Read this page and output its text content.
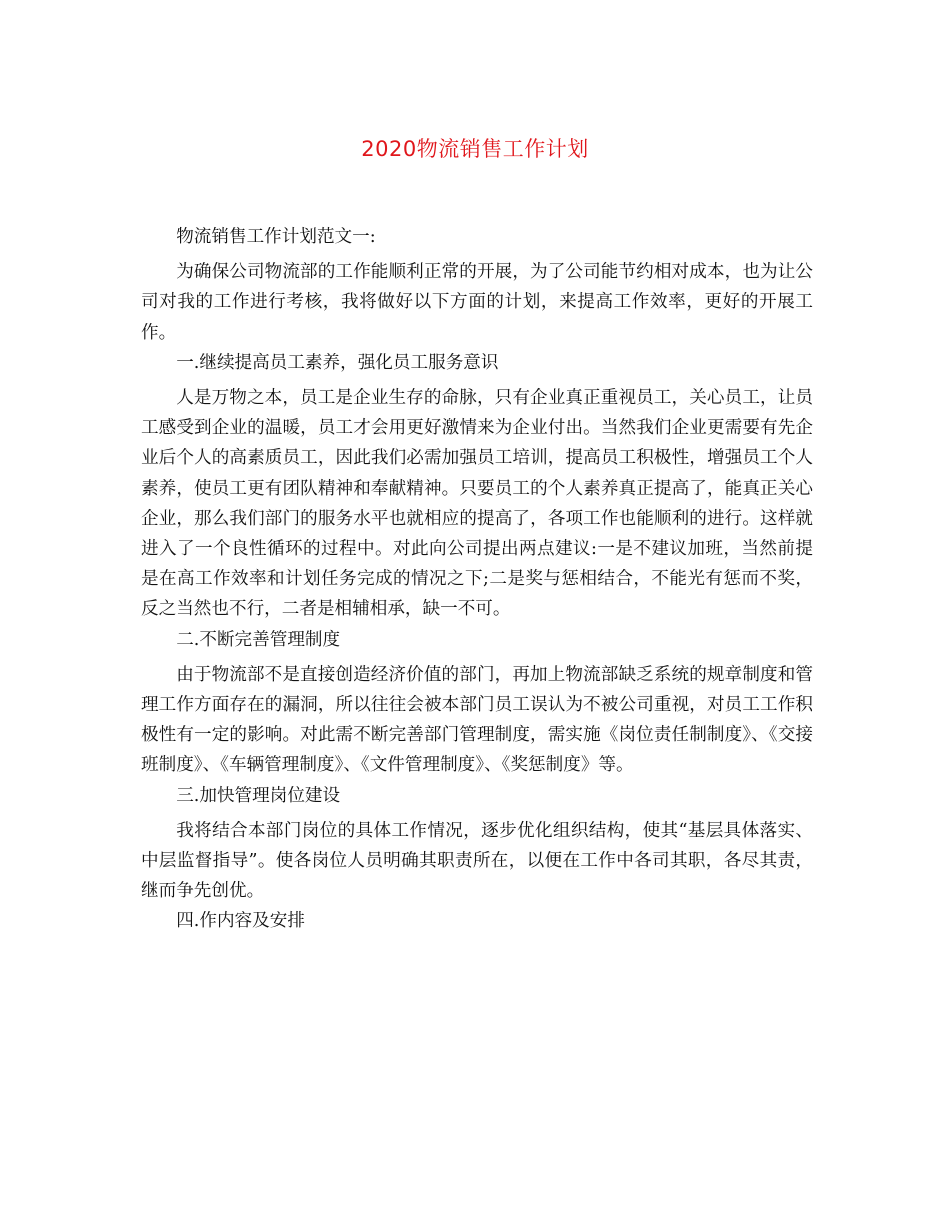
2020物流销售工作计划

物流销售工作计划范文一:

为确保公司物流部的工作能顺利正常的开展，为了公司能节约相对成本，也为让公司对我的工作进行考核，我将做好以下方面的计划，来提高工作效率，更好的开展工作。

一.继续提高员工素养，强化员工服务意识

人是万物之本，员工是企业生存的命脉，只有企业真正重视员工，关心员工，让员工感受到企业的温暖，员工才会用更好激情来为企业付出。当然我们企业更需要有先企业后个人的高素质员工，因此我们必需加强员工培训，提高员工积极性，增强员工个人素养，使员工更有团队精神和奉献精神。只要员工的个人素养真正提高了，能真正关心企业，那么我们部门的服务水平也就相应的提高了，各项工作也能顺利的进行。这样就进入了一个良性循环的过程中。对此向公司提出两点建议:一是不建议加班，当然前提是在高工作效率和计划任务完成的情况之下;二是奖与惩相结合，不能光有惩而不奖，反之当然也不行，二者是相辅相承，缺一不可。

二.不断完善管理制度

由于物流部不是直接创造经济价值的部门，再加上物流部缺乏系统的规章制度和管理工作方面存在的漏洞，所以往往会被本部门员工误认为不被公司重视，对员工工作积极性有一定的影响。对此需不断完善部门管理制度，需实施《岗位责任制制度》、《交接班制度》、《车辆管理制度》、《文件管理制度》、《奖惩制度》等。

三.加快管理岗位建设

我将结合本部门岗位的具体工作情况，逐步优化组织结构，使其“基层具体落实、中层监督指导”。使各岗位人员明确其职责所在，以便在工作中各司其职，各尽其责，继而争先创优。

四.作内容及安排
